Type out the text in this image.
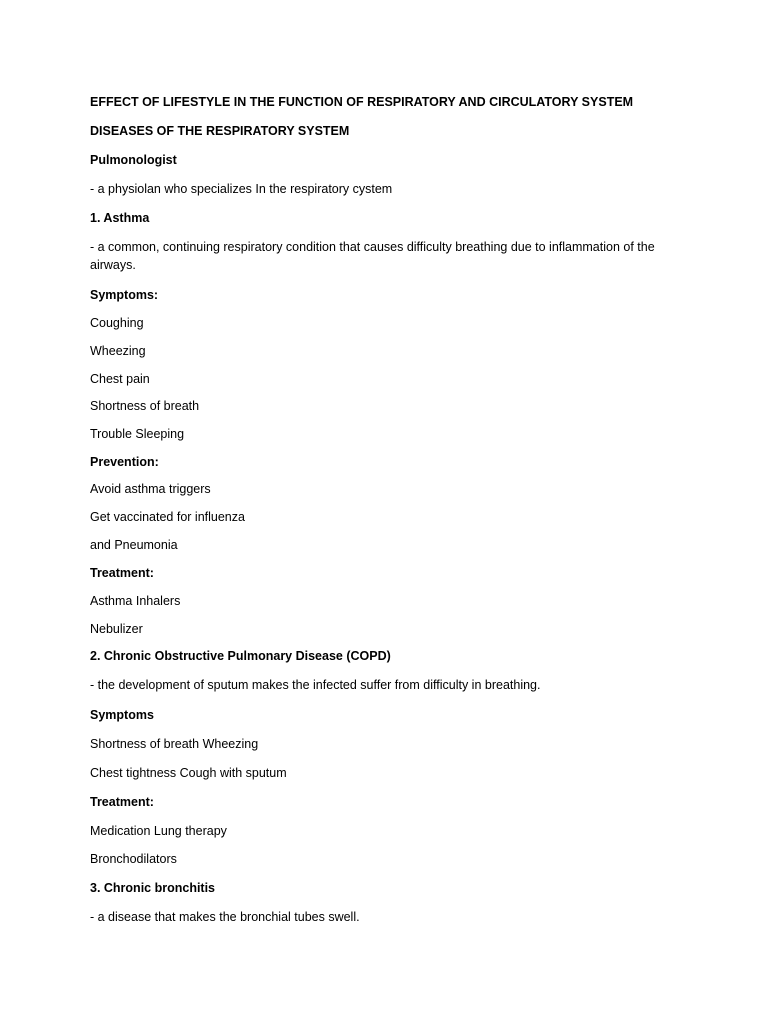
EFFECT OF LIFESTYLE IN THE FUNCTION OF RESPIRATORY AND CIRCULATORY SYSTEM

DISEASES OF THE RESPIRATORY SYSTEM

Pulmonologist

- a physiolan who specializes In the respiratory cystem

1. Asthma

- a common, continuing respiratory condition that causes difficulty breathing due to inflammation of the airways.

Symptoms:

Coughing

Wheezing

Chest pain

Shortness of breath

Trouble Sleeping

Prevention:

Avoid asthma triggers

Get vaccinated for influenza

and Pneumonia

Treatment:

Asthma Inhalers

Nebulizer

2. Chronic Obstructive Pulmonary Disease (COPD)

- the development of sputum makes the infected suffer from difficulty in breathing.

Symptoms

Shortness of breath Wheezing

Chest tightness Cough with sputum

Treatment:

Medication Lung therapy

Bronchodilators

3. Chronic bronchitis

- a disease that makes the bronchial tubes swell.
